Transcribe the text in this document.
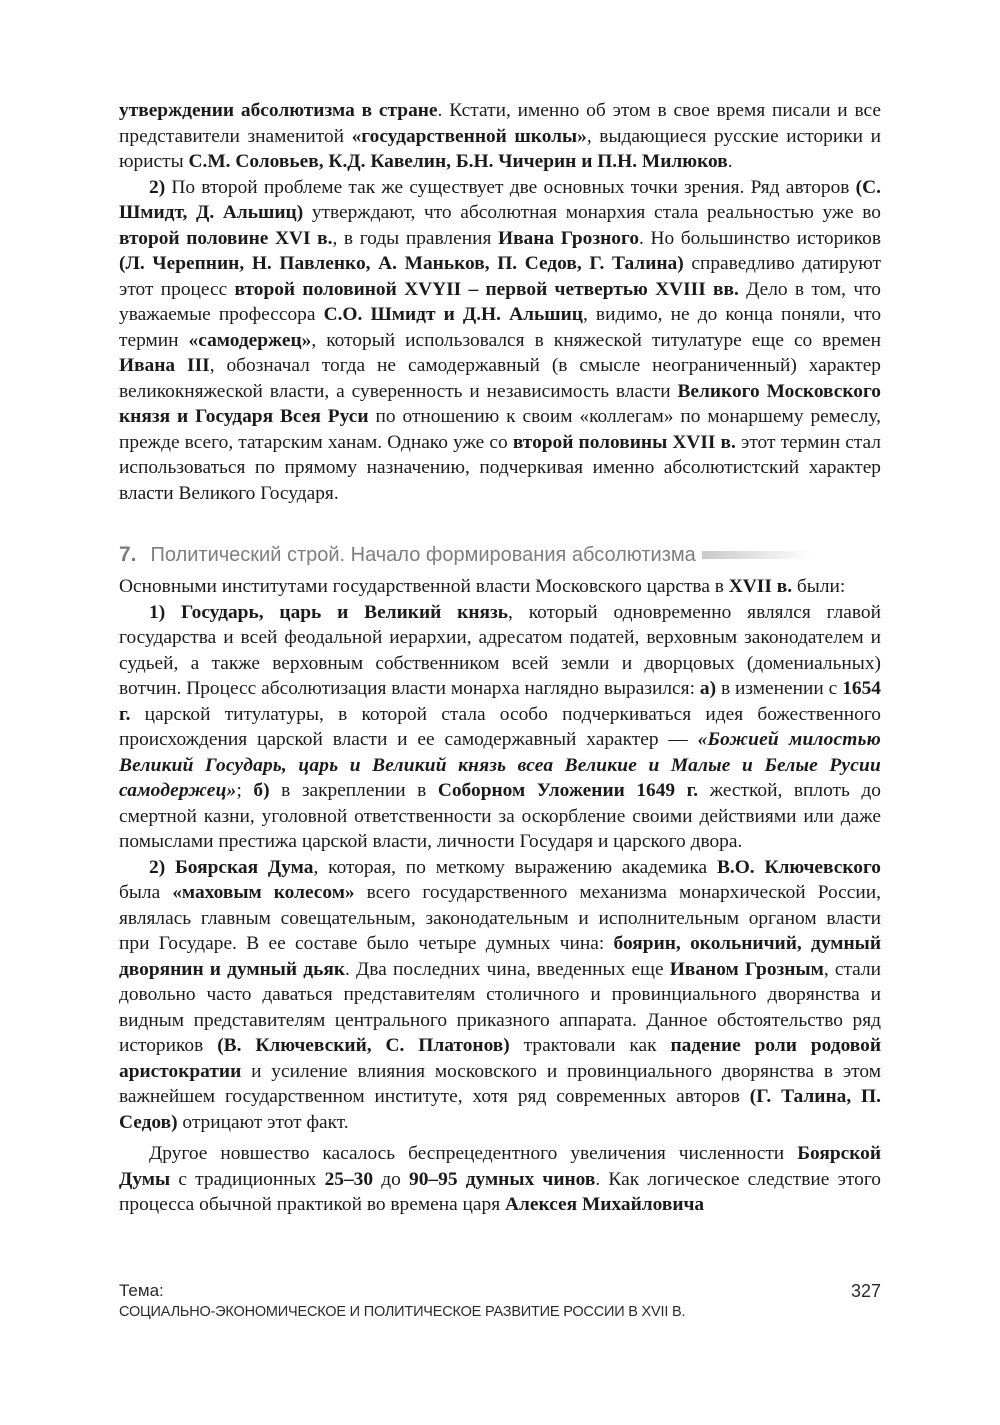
утверждении абсолютизма в стране. Кстати, именно об этом в свое время писали и все представители знаменитой «государственной школы», выдающиеся русские историки и юристы С.М. Соловьев, К.Д. Кавелин, Б.Н. Чичерин и П.Н. Милюков.

2) По второй проблеме так же существует две основных точки зрения. Ряд авторов (С. Шмидт, Д. Альшиц) утверждают, что абсолютная монархия стала реальностью уже во второй половине XVI в., в годы правления Ивана Грозного. Но большинство историков (Л. Черепнин, Н. Павленко, А. Маньков, П. Седов, Г. Талина) справедливо датируют этот процесс второй половиной XVYII – первой четвертью XVIII вв. Дело в том, что уважаемые профессора С.О. Шмидт и Д.Н. Альшиц, видимо, не до конца поняли, что термин «самодержец», который использовался в княжеской титулатуре еще со времен Ивана III, обозначал тогда не самодержавный (в смысле неограниченный) характер великокняжеской власти, а суверенность и независимость власти Великого Московского князя и Государя Всея Руси по отношению к своим «коллегам» по монаршему ремеслу, прежде всего, татарским ханам. Однако уже со второй половины XVII в. этот термин стал использоваться по прямому назначению, подчеркивая именно абсолютистский характер власти Великого Государя.

7. Политический строй. Начало формирования абсолютизма

Основными институтами государственной власти Московского царства в XVII в. были:

1) Государь, царь и Великий князь, который одновременно являлся главой государства и всей феодальной иерархии, адресатом податей, верховным законодателем и судьей, а также верховным собственником всей земли и дворцовых (домениальных) вотчин. Процесс абсолютизация власти монарха наглядно выразился: а) в изменении с 1654 г. царской титулатуры, в которой стала особо подчеркиваться идея божественного происхождения царской власти и ее самодержавный характер — «Божией милостью Великий Государь, царь и Великий князь всеа Великие и Малые и Белые Русии самодержец»; б) в закреплении в Соборном Уложении 1649 г. жесткой, вплоть до смертной казни, уголовной ответственности за оскорбление своими действиями или даже помыслами престижа царской власти, личности Государя и царского двора.

2) Боярская Дума, которая, по меткому выражению академика В.О. Ключевского была «маховым колесом» всего государственного механизма монархической России, являлась главным совещательным, законодательным и исполнительным органом власти при Государе. В ее составе было четыре думных чина: боярин, окольничий, думный дворянин и думный дьяк. Два последних чина, введенных еще Иваном Грозным, стали довольно часто даваться представителям столичного и провинциального дворянства и видным представителям центрального приказного аппарата. Данное обстоятельство ряд историков (В. Ключевский, С. Платонов) трактовали как падение роли родовой аристократии и усиление влияния московского и провинциального дворянства в этом важнейшем государственном институте, хотя ряд современных авторов (Г. Талина, П. Седов) отрицают этот факт.

Другое новшество касалось беспрецедентного увеличения численности Боярской Думы с традиционных 25–30 до 90–95 думных чинов. Как логическое следствие этого процесса обычной практикой во времена царя Алексея Михайловича

Тема:
СОЦИАЛЬНО-ЭКОНОМИЧЕСКОЕ И ПОЛИТИЧЕСКОЕ РАЗВИТИЕ РОССИИ В XVII В.
327
